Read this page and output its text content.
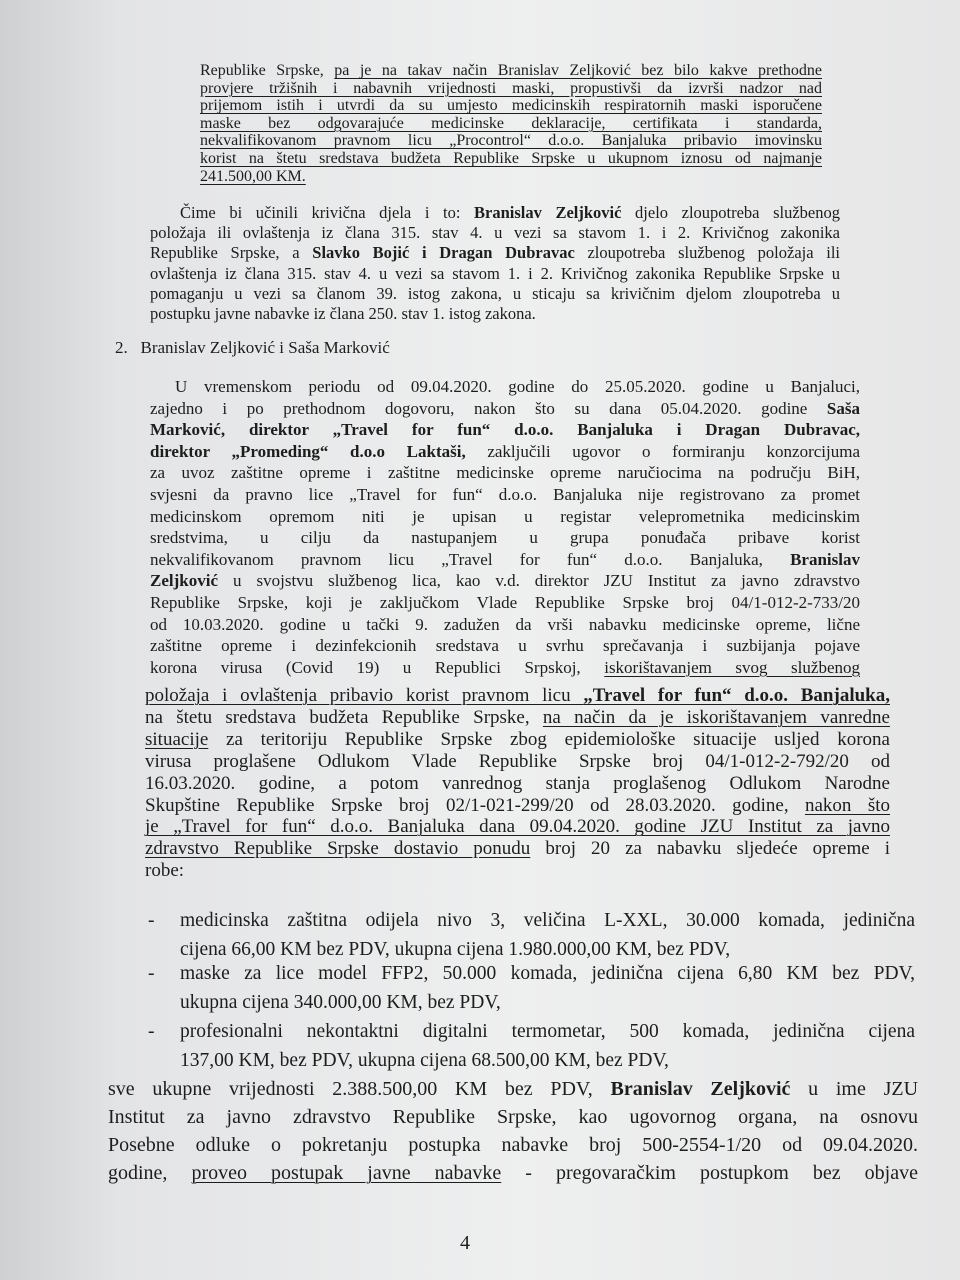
Republike Srpske, pa je na takav način Branislav Zeljković bez bilo kakve prethodne
provjere tržišnih i nabavnih vrijednosti maski, propustivši da izvrši nadzor nad
prijemom istih i utvrdi da su umjesto medicinskih respiratornih maski isporučene
maske bez odgovarajuće medicinske deklaracije, certifikata i standarda,
nekvalifikovanom pravnom licu „Procontrol“ d.o.o. Banjaluka pribavio imovinsku
korist na štetu sredstava budžeta Republike Srpske u ukupnom iznosu od najmanje
241.500,00 KM.
Čime bi učinili krivična djela i to: Branislav Zeljković djelo zloupotreba službenog
položaja ili ovlaštenja iz člana 315. stav 4. u vezi sa stavom 1. i 2. Krivičnog zakonika
Republike Srpske, a Slavko Bojić i Dragan Dubravac zloupotreba službenog položaja ili
ovlaštenja iz člana 315. stav 4. u vezi sa stavom 1. i 2. Krivičnog zakonika Republike Srpske u
pomaganju u vezi sa članom 39. istog zakona, u sticaju sa krivičnim djelom zloupotreba u
postupku javne nabavke iz člana 250. stav 1. istog zakona.
2.   Branislav Zeljković i Saša Marković
U vremenskom periodu od 09.04.2020. godine do 25.05.2020. godine u Banjaluci,
zajedno i po prethodnom dogovoru, nakon što su dana 05.04.2020. godine Saša
Marković, direktor „Travel for fun“ d.o.o. Banjaluka i Dragan Dubravac,
direktor „Promeding“ d.o.o Laktaši, zaključili ugovor o formiranju konzorcijuma
za uvoz zaštitne opreme i zaštitne medicinske opreme naručiocima na području BiH,
svjesni da pravno lice „Travel for fun“ d.o.o. Banjaluka nije registrovano za promet
medicinskom opremom niti je upisan u registar veleprometnika medicinskim
sredstvima, u cilju da nastupanjem u grupa ponuđača pribave korist
nekvalifikovanom pravnom licu „Travel for fun“ d.o.o. Banjaluka, Branislav
Zeljković u svojstvu službenog lica, kao v.d. direktor JZU Institut za javno zdravstvo
Republike Srpske, koji je zaključkom Vlade Republike Srpske broj 04/1-012-2-733/20
od 10.03.2020. godine u tački 9. zadužen da vrši nabavku medicinske opreme, lične
zaštitne opreme i dezinfekcionih sredstava u svrhu sprečavanja i suzbijanja pojave
korona virusa (Covid 19) u Republici Srpskoj, iskorištavanjem svog službenog
položaja i ovlaštenja pribavio korist pravnom licu „Travel for fun“ d.o.o. Banjaluka,
na štetu sredstava budžeta Republike Srpske, na način da je iskorištavanjem vanredne
situacije za teritoriju Republike Srpske zbog epidemiološke situacije usljed korona
virusa proglašene Odlukom Vlade Republike Srpske broj 04/1-012-2-792/20 od
16.03.2020. godine, a potom vanrednog stanja proglašenog Odlukom Narodne
Skupštine Republike Srpske broj 02/1-021-299/20 od 28.03.2020. godine, nakon što
je „Travel for fun“ d.o.o. Banjaluka dana 09.04.2020. godine JZU Institut za javno
zdravstvo Republike Srpske dostavio ponudu broj 20 za nabavku sljedeće opreme i
robe:
- medicinska zaštitna odijela nivo 3, veličina L-XXL, 30.000 komada, jedinična
cijena 66,00 KM bez PDV, ukupna cijena 1.980.000,00 KM, bez PDV,
- maske za lice model FFP2, 50.000 komada, jedinična cijena 6,80 KM bez PDV,
ukupna cijena 340.000,00 KM, bez PDV,
- profesionalni nekontaktni digitalni termometar, 500 komada, jedinična cijena
137,00 KM, bez PDV, ukupna cijena 68.500,00 KM, bez PDV,
sve ukupne vrijednosti 2.388.500,00 KM bez PDV, Branislav Zeljković u ime JZU
Institut za javno zdravstvo Republike Srpske, kao ugovornog organa, na osnovu
Posebne odluke o pokretanju postupka nabavke broj 500-2554-1/20 od 09.04.2020.
godine, proveo postupak javne nabavke - pregovaračkim postupkom bez objave
4
